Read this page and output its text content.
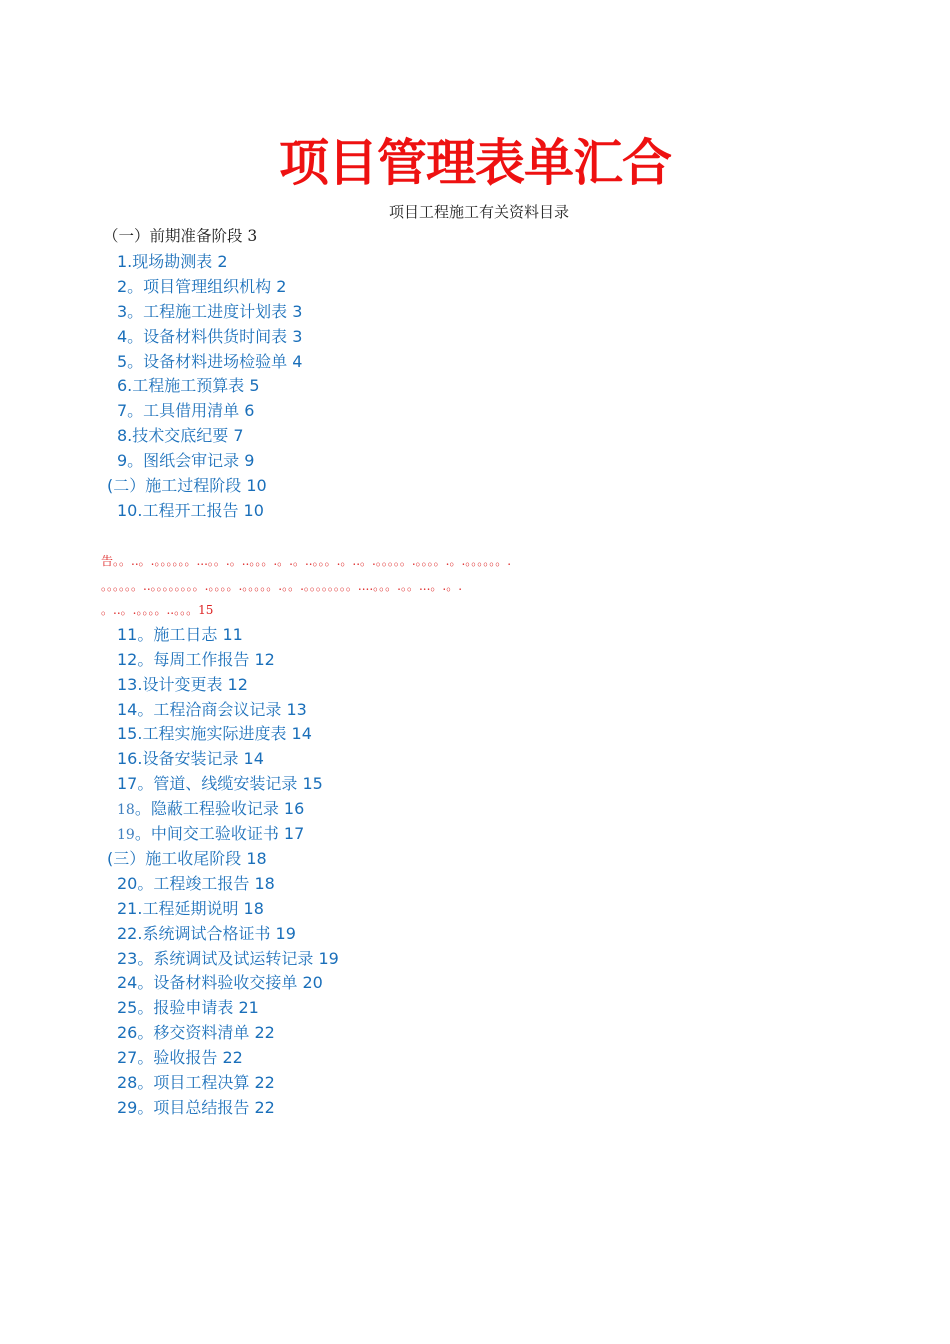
项目管理表单汇合
项目工程施工有关资料目录
（一）前期准备阶段 3
1.现场勘测表 2
2。项目管理组织机构 2
3。工程施工进度计划表 3
4。设备材料供货时间表 3
5。设备材料进场检验单 4
6.工程施工预算表 5
7。工具借用清单 6
8.技术交底纪要 7
9。图纸会审记录 9
(二）施工过程阶段 10
10.工程开工报告 10
告。。..。.。。。。。。...。。.。..。。。.。.。..。。。.。..。.。。。。。.。。。。.。.。。。。。。.
。。。。。。..。。。。。。。。.。。。。.。。。。。.。。.。。。。。。。。....。。。.。。...。.。.
。..。.。。。。..。。。15
11。施工日志 11
12。每周工作报告 12
13.设计变更表 12
14。工程洽商会议记录 13
15.工程实施实际进度表 14
16.设备安装记录 14
17。管道、线缆安装记录 15
18。隐蔽工程验收记录 16
19。中间交工验收证书 17
(三）施工收尾阶段 18
20。工程竣工报告 18
21.工程延期说明 18
22.系统调试合格证书 19
23。系统调试及试运转记录 19
24。设备材料验收交接单 20
25。报验申请表 21
26。移交资料清单 22
27。验收报告 22
28。项目工程决算 22
29。项目总结报告 22
